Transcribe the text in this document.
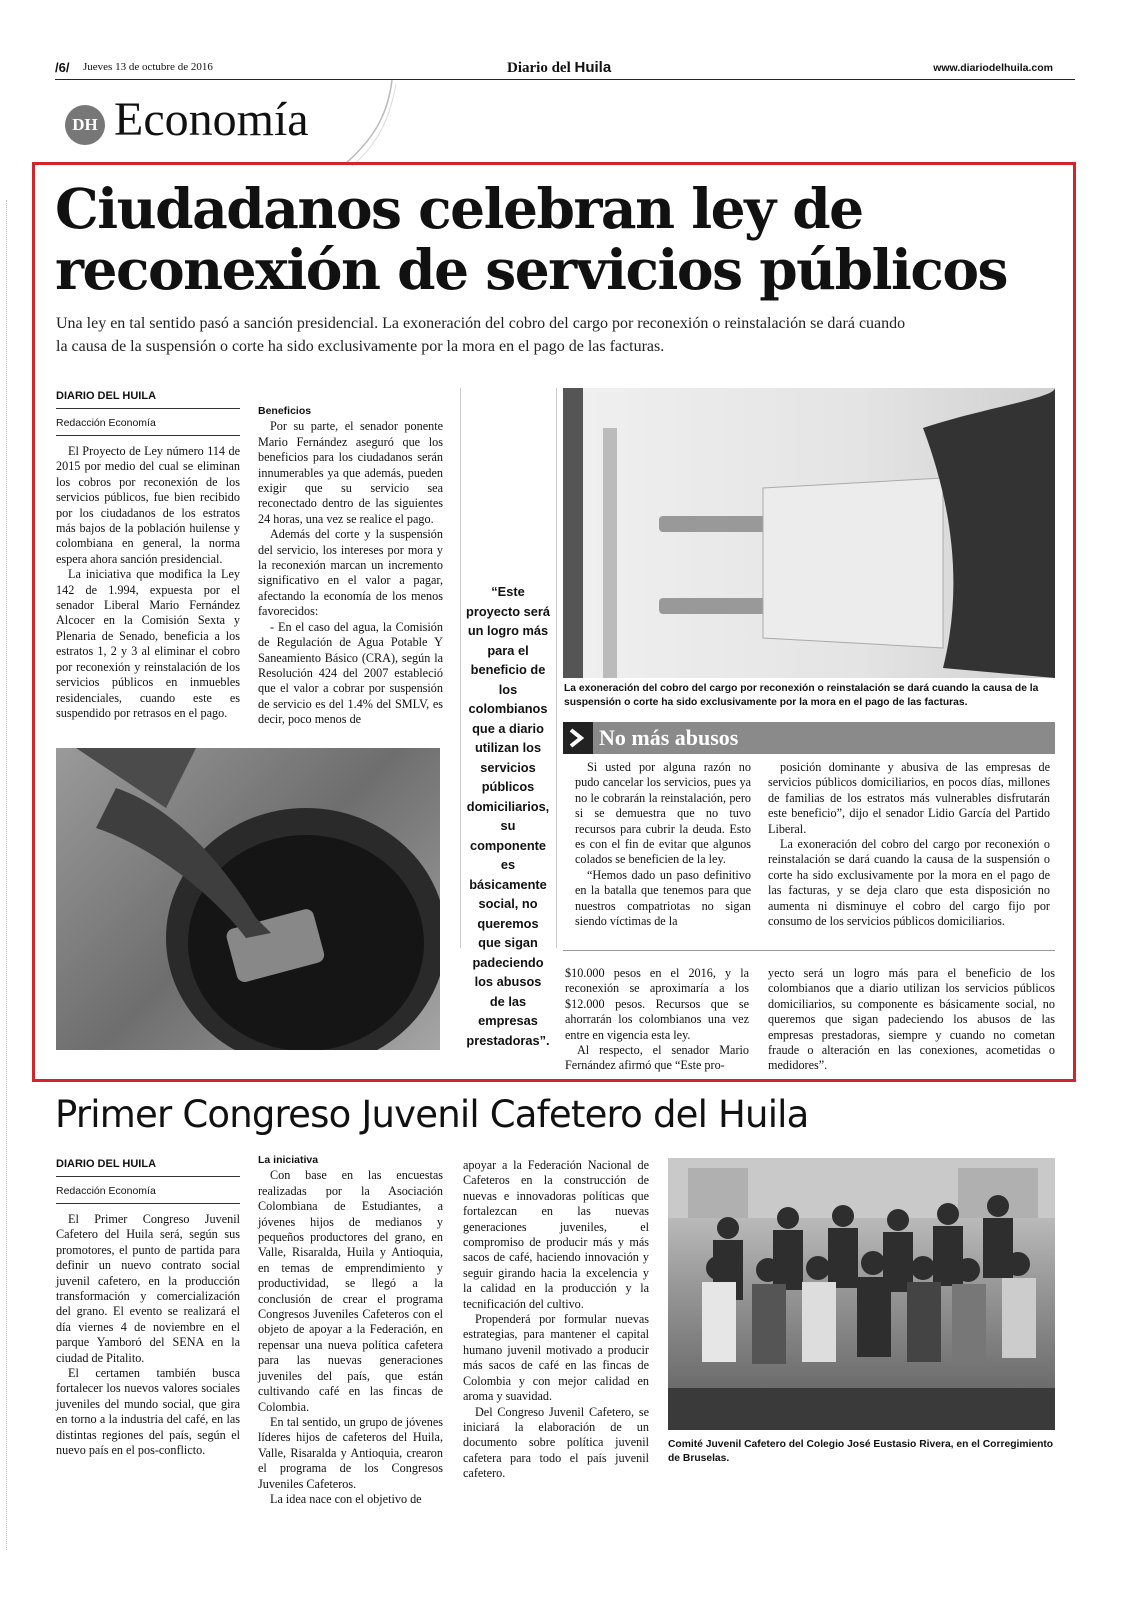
/6/ Jueves 13 de octubre de 2016	Diario del Huila	www.diariodelhuila.com
DH Economía
Ciudadanos celebran ley de
reconexión de servicios públicos
Una ley en tal sentido pasó a sanción presidencial. La exoneración del cobro del cargo por reconexión o reinstalación se dará cuando
la causa de la suspensión o corte ha sido exclusivamente por la mora en el pago de las facturas.
DIARIO DEL HUILA
Redacción Economía

El Proyecto de Ley número 114 de 2015 por medio del cual se eliminan los cobros por reconexión de los servicios públicos, fue bien recibido por los ciudadanos de los estratos más bajos de la población huilense y colombiana en general, la norma espera ahora sanción presidencial.

La iniciativa que modifica la Ley 142 de 1.994, expuesta por el senador Liberal Mario Fernández Alcocer en la Comisión Sexta y Plenaria de Senado, beneficia a los estratos 1, 2 y 3 al eliminar el cobro por reconexión y reinstalación de los servicios públicos en inmuebles residenciales, cuando este es suspendido por retrasos en el pago.

Beneficios

Por su parte, el senador ponente Mario Fernández aseguró que los beneficios para los ciudadanos serán innumerables ya que además, pueden exigir que su servicio sea reconectado dentro de las siguientes 24 horas, una vez se realice el pago.

Además del corte y la suspensión del servicio, los intereses por mora y la reconexión marcan un incremento significativo en el valor a pagar, afectando la economía de los menos favorecidos:

- En el caso del agua, la Comisión de Regulación de Agua Potable Y Saneamiento Básico (CRA), según la Resolución 424 del 2007 estableció que el valor a cobrar por suspensión de servicio es del 1.4% del SMLV, es decir, poco menos de

“Este proyecto será un logro más para el beneficio de los colombianos que a diario utilizan los servicios públicos domiciliarios, su componente es básicamente social, no queremos que sigan padeciendo los abusos de las empresas prestadoras”.
La exoneración del cobro del cargo por reconexión o reinstalación se dará cuando la causa de la suspensión o corte ha sido exclusivamente por la mora en el pago de las facturas.
No más abusos

Si usted por alguna razón no pudo cancelar los servicios, pues ya no le cobrarán la reinstalación, pero si se demuestra que no tuvo recursos para cubrir la deuda. Esto es con el fin de evitar que algunos colados se beneficien de la ley.

“Hemos dado un paso definitivo en la batalla que tenemos para que nuestros compatriotas no sigan siendo víctimas de la

posición dominante y abusiva de las empresas de servicios públicos domiciliarios, en pocos días, millones de familias de los estratos más vulnerables disfrutarán este beneficio”, dijo el senador Lidio García del Partido Liberal.

La exoneración del cobro del cargo por reconexión o reinstalación se dará cuando la causa de la suspensión o corte ha sido exclusivamente por la mora en el pago de las facturas, y se deja claro que esta disposición no aumenta ni disminuye el cobro del cargo fijo por consumo de los servicios públicos domiciliarios.

$10.000 pesos en el 2016, y la reconexión se aproximaría a los $12.000 pesos. Recursos que se ahorrarán los colombianos una vez entre en vigencia esta ley.

Al respecto, el senador Mario Fernández afirmó que “Este pro-

yecto será un logro más para el beneficio de los colombianos que a diario utilizan los servicios públicos domiciliarios, su componente es básicamente social, no queremos que sigan padeciendo los abusos de las empresas prestadoras, siempre y cuando no cometan fraude o alteración en las conexiones, acometidas o medidores”.

Primer Congreso Juvenil Cafetero del Huila
DIARIO DEL HUILA
Redacción Economía

El Primer Congreso Juvenil Cafetero del Huila será, según sus promotores, el punto de partida para definir un nuevo contrato social juvenil cafetero, en la producción transformación y comercialización del grano. El evento se realizará el día viernes 4 de noviembre en el parque Yamboró del SENA en la ciudad de Pitalito.

El certamen también busca fortalecer los nuevos valores sociales juveniles del mundo social, que gira en torno a la industria del café, en las distintas regiones del país, según el nuevo país en el pos-conflicto.

La iniciativa

Con base en las encuestas realizadas por la Asociación Colombiana de Estudiantes, a jóvenes hijos de medianos y pequeños productores del grano, en Valle, Risaralda, Huila y Antioquia, en temas de emprendimiento y productividad, se llegó a la conclusión de crear el programa Congresos Juveniles Cafeteros con el objeto de apoyar a la Federación, en repensar una nueva política cafetera para las nuevas generaciones juveniles del país, que están cultivando café en las fincas de Colombia.

En tal sentido, un grupo de jóvenes líderes hijos de cafeteros del Huila, Valle, Risaralda y Antioquia, crearon el programa de los Congresos Juveniles Cafeteros.

La idea nace con el objetivo de

apoyar a la Federación Nacional de Cafeteros en la construcción de nuevas e innovadoras políticas que fortalezcan en las nuevas generaciones juveniles, el compromiso de producir más y más sacos de café, haciendo innovación y seguir girando hacia la excelencia y la calidad en la producción y la tecnificación del cultivo.

Propenderá por formular nuevas estrategias, para mantener el capital humano juvenil motivado a producir más sacos de café en las fincas de Colombia y con mejor calidad en aroma y suavidad.

Del Congreso Juvenil Cafetero, se iniciará la elaboración de un documento sobre política juvenil cafetera para todo el país juvenil cafetero.

Comité Juvenil Cafetero del Colegio José Eustasio Rivera, en el Corregimiento de Bruselas.
